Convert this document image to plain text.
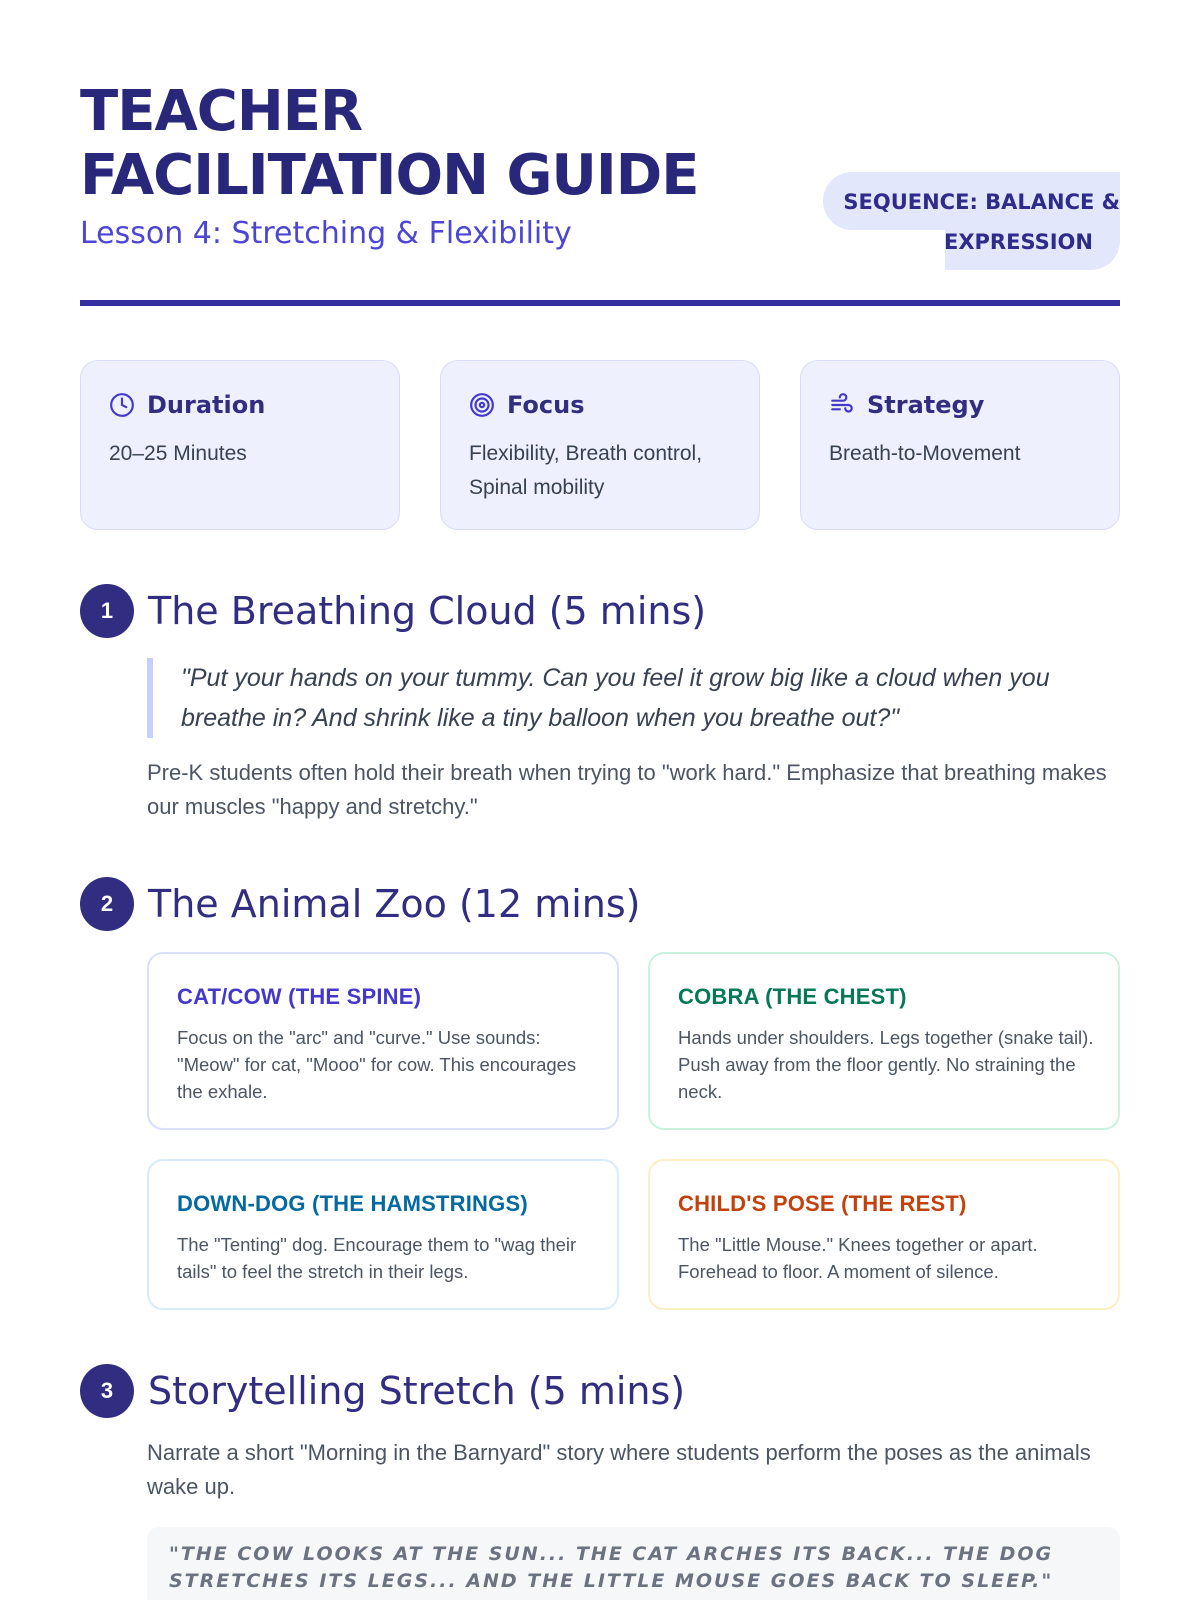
TEACHER
FACILITATION GUIDE
Lesson 4: Stretching & Flexibility
SEQUENCE: BALANCE &
EXPRESSION
Duration
20–25 Minutes
Focus
Flexibility, Breath control, Spinal mobility
Strategy
Breath-to-Movement
1 The Breathing Cloud (5 mins)
"Put your hands on your tummy. Can you feel it grow big like a cloud when you breathe in? And shrink like a tiny balloon when you breathe out?"
Pre-K students often hold their breath when trying to "work hard." Emphasize that breathing makes our muscles "happy and stretchy."
2 The Animal Zoo (12 mins)
CAT/COW (THE SPINE)
Focus on the "arc" and "curve." Use sounds: "Meow" for cat, "Mooo" for cow. This encourages the exhale.
COBRA (THE CHEST)
Hands under shoulders. Legs together (snake tail). Push away from the floor gently. No straining the neck.
DOWN-DOG (THE HAMSTRINGS)
The "Tenting" dog. Encourage them to "wag their tails" to feel the stretch in their legs.
CHILD'S POSE (THE REST)
The "Little Mouse." Knees together or apart. Forehead to floor. A moment of silence.
3 Storytelling Stretch (5 mins)
Narrate a short "Morning in the Barnyard" story where students perform the poses as the animals wake up.

"THE COW LOOKS AT THE SUN... THE CAT ARCHES ITS BACK... THE DOG STRETCHES ITS LEGS... AND THE LITTLE MOUSE GOES BACK TO SLEEP."
